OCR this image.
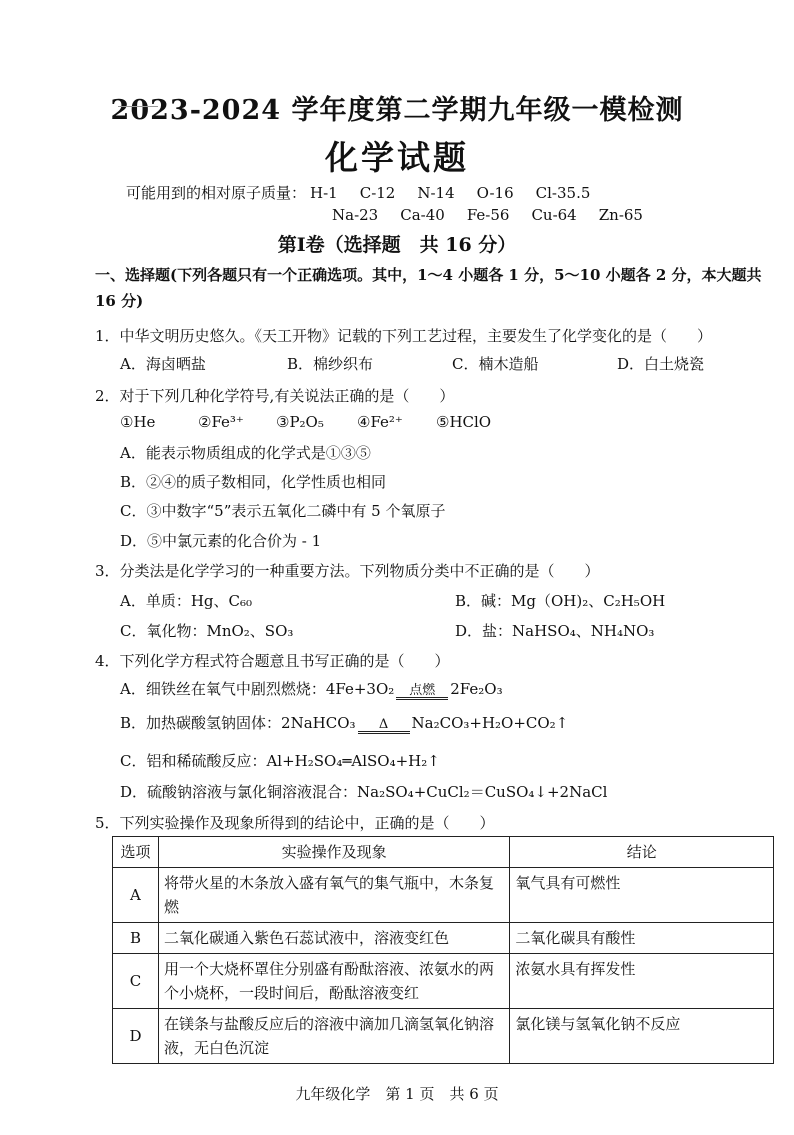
2023-2024 学年度第二学期九年级一模检测
化学试题
可能用到的相对原子质量： H-1 C-12 N-14 O-16 Cl-35.5
Na-23 Ca-40 Fe-56 Cu-64 Zn-65
第Ⅰ卷（选择题　共 16 分）
一、选择题(下列各题只有一个正确选项。其中，1～4 小题各 1 分，5～10 小题各 2 分，本大题共 16 分)
1．中华文明历史悠久。《天工开物》记载的下列工艺过程，主要发生了化学变化的是（　　）
A．海卤晒盐	B．棉纱织布	C．楠木造船	D．白土烧瓷
2．对于下列几种化学符号,有关说法正确的是（　　）
①He	②Fe³⁺ ③P₂O₅ ④Fe²⁺ ⑤HClO
A．能表示物质组成的化学式是①③⑤
B．②④的质子数相同，化学性质也相同
C．③中数字“5”表示五氧化二磷中有 5 个氧原子
D．⑤中氯元素的化合价为 - 1
3．分类法是化学学习的一种重要方法。下列物质分类中不正确的是（　　）
A．单质：Hg、C₆₀	B．碱：Mg（OH)₂、C₂H₅OH
C．氧化物：MnO₂、SO₃	D．盐：NaHSO₄、NH₄NO₃
4．下列化学方程式符合题意且书写正确的是（　　）
A．细铁丝在氧气中剧烈燃烧：4Fe+3O₂	点燃	2Fe₂O₃
B．加热碳酸氢钠固体：2NaHCO₃	Δ	Na₂CO₃+H₂O+CO₂↑
C．铝和稀硫酸反应：Al+H₂SO₄═AlSO₄+H₂↑
D．硫酸钠溶液与氯化铜溶液混合：Na₂SO₄+CuCl₂＝CuSO₄↓+2NaCl
5．下列实验操作及现象所得到的结论中，正确的是（　　）
选项	实验操作及现象	结论
A	将带火星的木条放入盛有氧气的集气瓶中，木条复燃	氧气具有可燃性
B	二氧化碳通入紫色石蕊试液中，溶液变红色	二氧化碳具有酸性
C	用一个大烧杯罩住分别盛有酚酞溶液、浓氨水的两个小烧杯，一段时间后，酚酞溶液变红	浓氨水具有挥发性
D	在镁条与盐酸反应后的溶液中滴加几滴氢氧化钠溶液，无白色沉淀	氯化镁与氢氧化钠不反应
九年级化学　第 1 页　共 6 页
